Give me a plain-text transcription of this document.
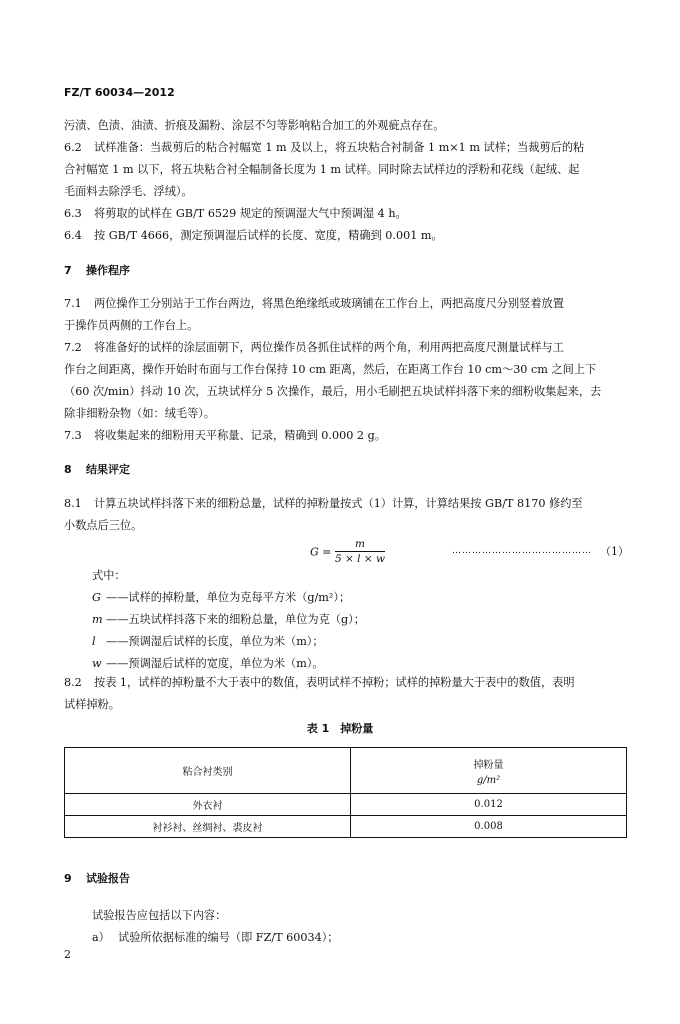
FZ/T 60034—2012
污渍、色渍、油渍、折痕及漏粉、涂层不匀等影响粘合加工的外观疵点存在。
6.2 试样准备：当裁剪后的粘合衬幅宽 1 m 及以上，将五块粘合衬制备 1 m×1 m 试样；当裁剪后的粘
合衬幅宽 1 m 以下，将五块粘合衬全幅制备长度为 1 m 试样。同时除去试样边的浮粉和花线（起绒、起
毛面料去除浮毛、浮绒）。
6.3 将剪取的试样在 GB/T 6529 规定的预调湿大气中预调湿 4 h。
6.4 按 GB/T 4666，测定预调湿后试样的长度、宽度，精确到 0.001 m。
7 操作程序
7.1 两位操作工分别站于工作台两边，将黑色绝缘纸或玻璃铺在工作台上，两把高度尺分别竖着放置
于操作员两侧的工作台上。
7.2 将准备好的试样的涂层面朝下，两位操作员各抓住试样的两个角，利用两把高度尺测量试样与工
作台之间距离，操作开始时布面与工作台保持 10 cm 距离，然后，在距离工作台 10 cm～30 cm 之间上下
（60 次/min）抖动 10 次，五块试样分 5 次操作，最后，用小毛刷把五块试样抖落下来的细粉收集起来，去
除非细粉杂物（如：绒毛等）。
7.3 将收集起来的细粉用天平称量、记录，精确到 0.000 2 g。
8 结果评定
8.1 计算五块试样抖落下来的细粉总量，试样的掉粉量按式（1）计算，计算结果按 GB/T 8170 修约至
小数点后三位。
$G = \frac{m}{5 \times l \times w}$	…………………………………… （1）
式中：
G ——试样的掉粉量，单位为克每平方米（g/m²）；
m ——五块试样抖落下来的细粉总量，单位为克（g）；
l ——预调湿后试样的长度，单位为米（m）；
w ——预调湿后试样的宽度，单位为米（m）。
8.2 按表 1，试样的掉粉量不大于表中的数值，表明试样不掉粉；试样的掉粉量大于表中的数值，表明
试样掉粉。
表 1　掉粉量
粘合衬类别	掉粉量
g/m²

外衣衬	0.012
衬衫衬、丝绸衬、裘皮衬	0.008
9 试验报告
试验报告应包括以下内容：
a） 试验所依据标准的编号（即 FZ/T 60034）；
2
